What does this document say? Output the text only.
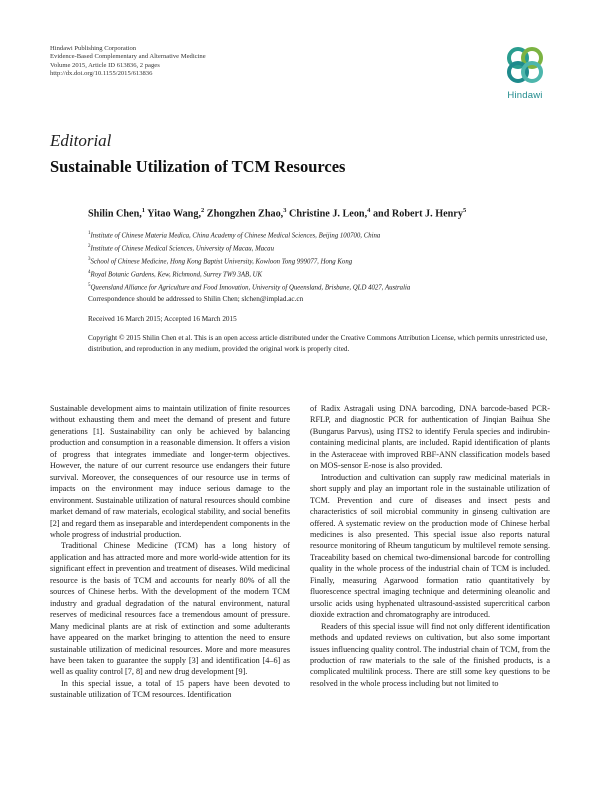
Hindawi Publishing Corporation
Evidence-Based Complementary and Alternative Medicine
Volume 2015, Article ID 613836, 2 pages
http://dx.doi.org/10.1155/2015/613836
Hindawi
Editorial
Sustainable Utilization of TCM Resources
Shilin Chen,$^1$ Yitao Wang,$^2$ Zhongzhen Zhao,$^3$ Christine J. Leon,$^4$ and Robert J. Henry$^5$
$^1$Institute of Chinese Materia Medica, China Academy of Chinese Medical Sciences, Beijing 100700, China
$^2$Institute of Chinese Medical Sciences, University of Macau, Macau
$^3$School of Chinese Medicine, Hong Kong Baptist University, Kowloon Tong 999077, Hong Kong
$^4$Royal Botanic Gardens, Kew, Richmond, Surrey TW9 3AB, UK
$^5$Queensland Alliance for Agriculture and Food Innovation, University of Queensland, Brisbane, QLD 4027, Australia
Correspondence should be addressed to Shilin Chen; slchen@implad.ac.cn
Received 16 March 2015; Accepted 16 March 2015
Copyright © 2015 Shilin Chen et al. This is an open access article distributed under the Creative Commons Attribution License, which permits unrestricted use, distribution, and reproduction in any medium, provided the original work is properly cited.

Sustainable development aims to maintain utilization of finite resources without exhausting them and meet the demand of present and future generations [1]. Sustainability can only be achieved by balancing production and consumption in a reasonable dimension. It offers a vision of progress that integrates immediate and longer-term objectives. However, the nature of our current resource use endangers their future survival. Moreover, the consequences of our resource use in terms of impacts on the environment may induce serious damage to the environment. Sustainable utilization of natural resources should combine market demand of raw materials, ecological stability, and social benefits [2] and regard them as inseparable and interdependent components in the whole progress of industrial production.

Traditional Chinese Medicine (TCM) has a long history of application and has attracted more and more world-wide attention for its significant effect in prevention and treatment of diseases. Wild medicinal resource is the basis of TCM and accounts for nearly 80% of all the sources of Chinese herbs. With the development of the modern TCM industry and gradual degradation of the natural environment, natural reserves of medicinal resources face a tremendous amount of pressure. Many medicinal plants are at risk of extinction and some adulterants have appeared on the market bringing to attention the need to ensure sustainable utilization of medicinal resources. More and more measures have been taken to guarantee the supply [3] and identification [4–6] as well as quality control [7, 8] and new drug development [9].

In this special issue, a total of 15 papers have been devoted to sustainable utilization of TCM resources. Identification

of Radix Astragali using DNA barcoding, DNA barcode-based PCR-RFLP, and diagnostic PCR for authentication of Jinqian Baihua She (Bungarus Parvus), using ITS2 to identify Ferula species and indirubin-containing medicinal plants, are included. Rapid identification of plants in the Asteraceae with improved RBF-ANN classification models based on MOS-sensor E-nose is also provided.

Introduction and cultivation can supply raw medicinal materials in short supply and play an important role in the sustainable utilization of TCM. Prevention and cure of diseases and insect pests and characteristics of soil microbial community in ginseng cultivation are offered. A systematic review on the production mode of Chinese herbal medicines is also presented. This special issue also reports natural resource monitoring of Rheum tanguticum by multilevel remote sensing. Traceability based on chemical two-dimensional barcode for controlling quality in the whole process of the industrial chain of TCM is included. Finally, measuring Agarwood formation ratio quantitatively by fluorescence spectral imaging technique and determining oleanolic and ursolic acids using hyphenated ultrasound-assisted supercritical carbon dioxide extraction and chromatography are introduced.

Readers of this special issue will find not only different identification methods and updated reviews on cultivation, but also some important issues influencing quality control. The industrial chain of TCM, from the production of raw materials to the sale of the finished products, is a complicated multilink process. There are still some key questions to be resolved in the whole process including but not limited to
